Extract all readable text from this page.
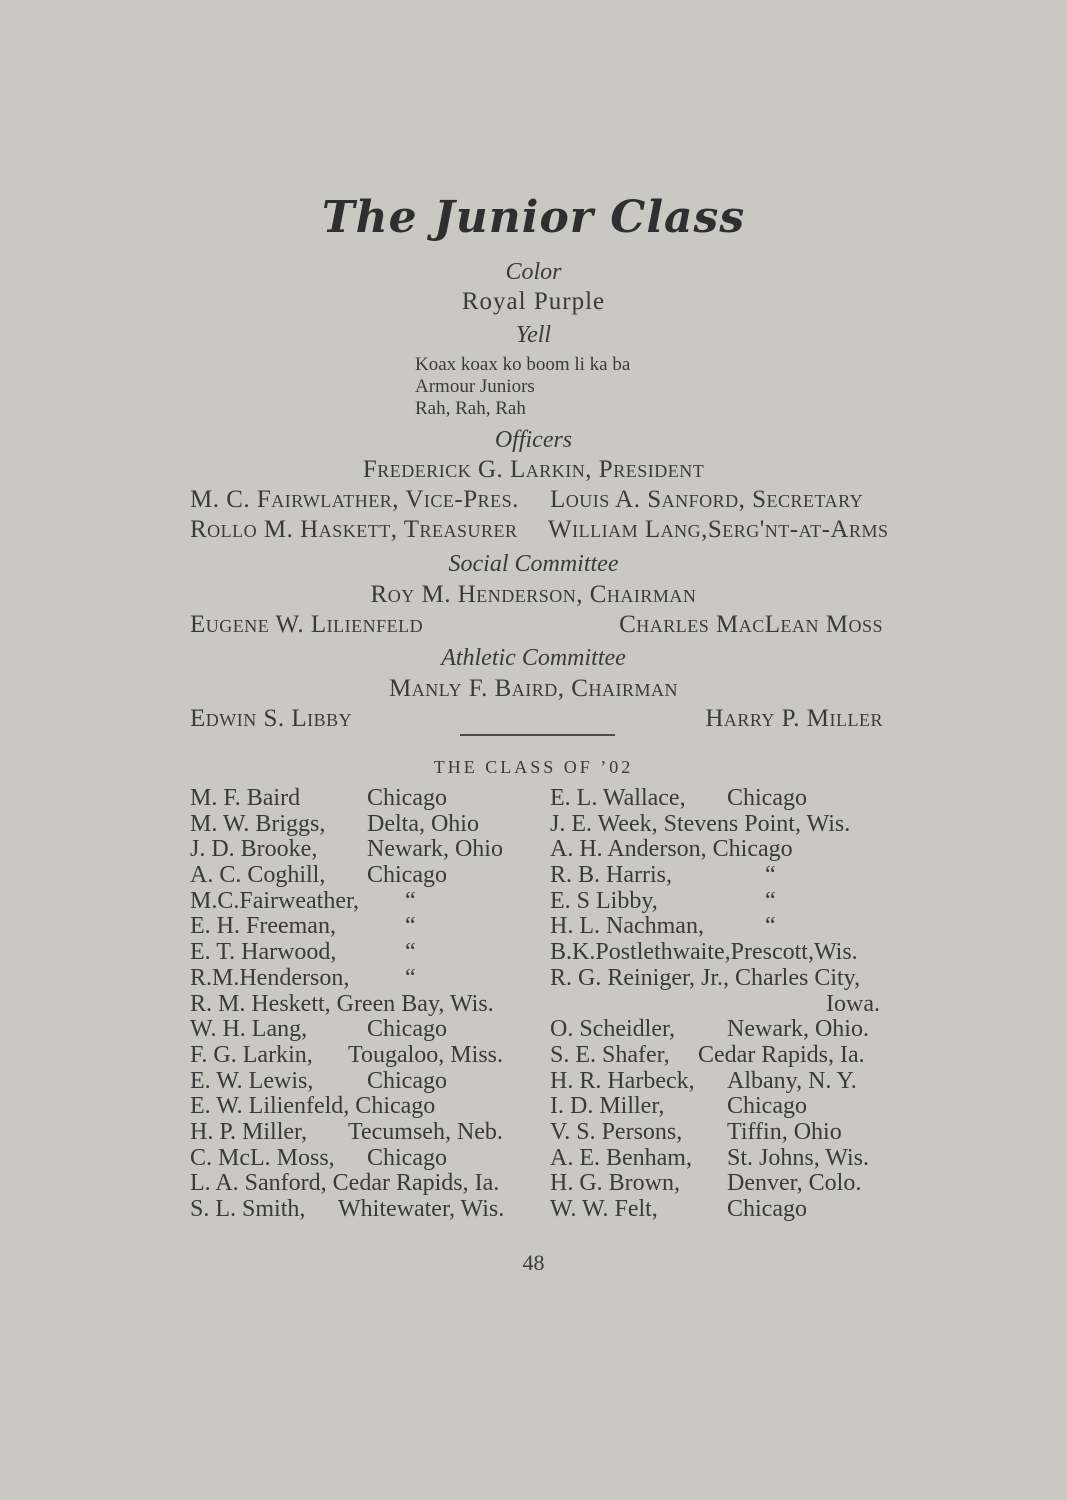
The Junior Class
Color
Royal Purple
Yell
Koax koax ko boom li ka ba
Armour Juniors
Rah, Rah, Rah
Officers
Frederick G. Larkin, President
M. C. Fairwlather, Vice-Pres. Louis A. Sanford, Secretary
Rollo M. Haskett, Treasurer William Lang,Serg'nt-at-Arms
Social Committee
Roy M. Henderson, Chairman
Eugene W. Lilienfeld	Charles MacLean Moss
Athletic Committee
Manly F. Baird, Chairman
Edwin S. Libby	Harry P. Miller
THE CLASS OF ’02
M. F. Baird	Chicago
M. W. Briggs, Delta, Ohio
J. D. Brooke, Newark, Ohio
A. C. Coghill, Chicago
M.C.Fairweather, “
E. H. Freeman,	“
E. T. Harwood,	“
R.M.Henderson, “
R. M. Heskett, Green Bay, Wis.
W. H. Lang, Chicago
F. G. Larkin, Tougaloo, Miss.
E. W. Lewis, Chicago
E. W. Lilienfeld, Chicago
H. P. Miller, Tecumseh, Neb.
C. McL. Moss, Chicago
L. A. Sanford, Cedar Rapids, Ia.
S. L. Smith, Whitewater, Wis.
E. L. Wallace, Chicago
J. E. Week, Stevens Point, Wis.
A. H. Anderson, Chicago
R. B. Harris,	“
E. S Libby,	“
H. L. Nachman,	“
B.K.Postlethwaite,Prescott,Wis.
R. G. Reiniger, Jr., Charles City,
Iowa.
O. Scheidler, Newark, Ohio.
S. E. Shafer, Cedar Rapids, Ia.
H. R. Harbeck, Albany, N. Y.
I. D. Miller,	Chicago
V. S. Persons, Tiffin, Ohio
A. E. Benham, St. Johns, Wis.
H. G. Brown, Denver, Colo.
W. W. Felt,	Chicago
48
